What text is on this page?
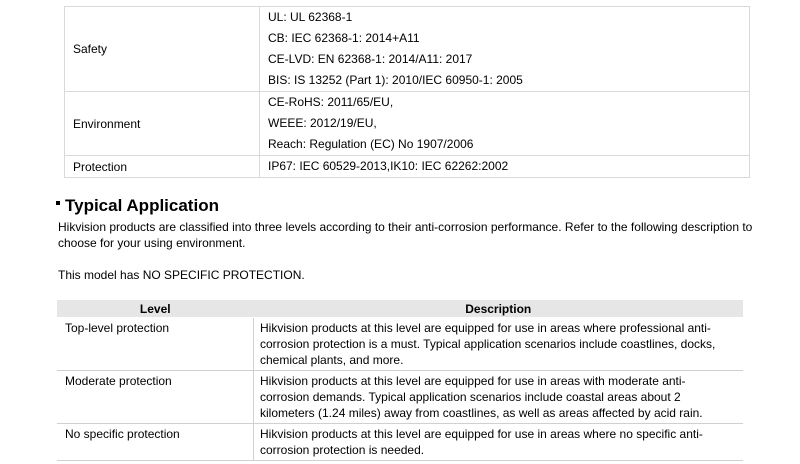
Safety	UL: UL 62368-1
CB: IEC 62368-1: 2014+A11
CE-LVD: EN 62368-1: 2014/A11: 2017
BIS: IS 13252 (Part 1): 2010/IEC 60950-1: 2005

Environment	CE-RoHS: 2011/65/EU,
WEEE: 2012/19/EU,
Reach: Regulation (EC) No 1907/2006

Protection	IP67: IEC 60529-2013,IK10: IEC 62262:2002
Typical Application
Hikvision products are classified into three levels according to their anti-corrosion performance. Refer to the following description to choose for your using environment.
This model has NO SPECIFIC PROTECTION.
Level	Description
Top-level protection	Hikvision products at this level are equipped for use in areas where professional anti-
corrosion protection is a must. Typical application scenarios include coastlines, docks,
chemical plants, and more.

Moderate protection	Hikvision products at this level are equipped for use in areas with moderate anti-
corrosion demands. Typical application scenarios include coastal areas about 2
kilometers (1.24 miles) away from coastlines, as well as areas affected by acid rain.

No specific protection	Hikvision products at this level are equipped for use in areas where no specific anti-
corrosion protection is needed.
